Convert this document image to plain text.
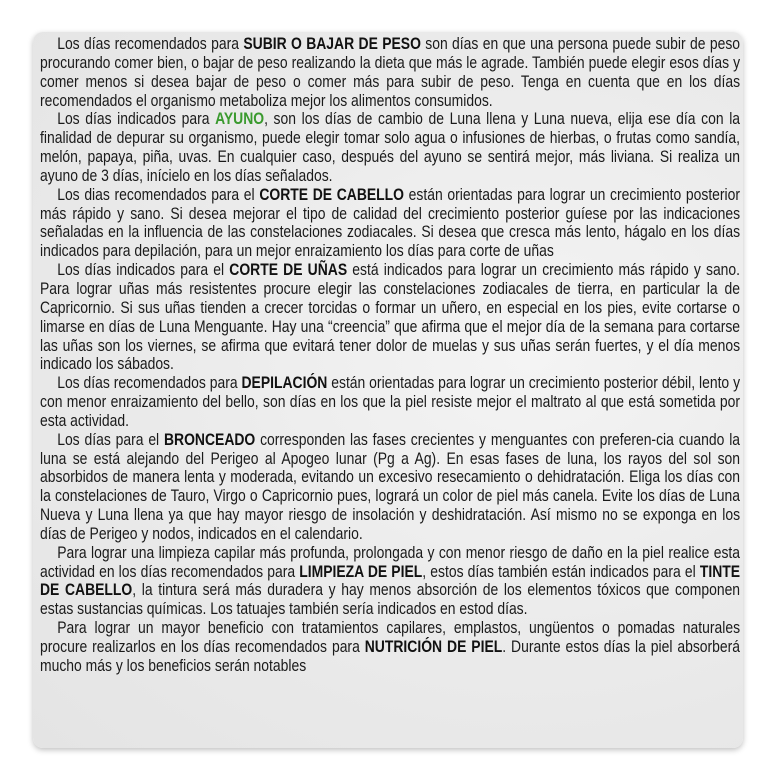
Los días recomendados para SUBIR O BAJAR DE PESO son días en que una persona puede subir de peso procurando comer bien, o bajar de peso realizando la dieta que más le agrade. También puede elegir esos días y comer menos si desea bajar de peso o comer más para subir de peso. Tenga en cuenta que en los días recomendados el organismo metaboliza mejor los alimentos consumidos.

Los días indicados para AYUNO, son los días de cambio de Luna llena y Luna nueva, elija ese día con la finalidad de depurar su organismo, puede elegir tomar solo agua o infusiones de hierbas, o frutas como sandía, melón, papaya, piña, uvas. En cualquier caso, después del ayuno se sentirá mejor, más liviana. Si realiza un ayuno de 3 días, inícielo en los días señalados.

Los dias recomendados para el CORTE DE CABELLO están orientadas para lograr un crecimiento posterior más rápido y sano. Si desea mejorar el tipo de calidad del crecimiento posterior guíese por las indicaciones señaladas en la influencia de las constelaciones zodiacales. Si desea que cresca más lento, hágalo en los días indicados para depilación, para un mejor enraizamiento los días para corte de uñas

Los días indicados para el CORTE DE UÑAS está indicados para lograr un crecimiento más rápido y sano. Para lograr uñas más resistentes procure elegir las constelaciones zodiacales de tierra, en particular la de Capricornio. Si sus uñas tienden a crecer torcidas o formar un uñero, en especial en los pies, evite cortarse o limarse en días de Luna Menguante. Hay una “creencia” que afirma que el mejor día de la semana para cortarse las uñas son los viernes, se afirma que evitará tener dolor de muelas y sus uñas serán fuertes, y el día menos indicado los sábados.

Los días recomendados para DEPILACIÓN están orientadas para lograr un crecimiento posterior débil, lento y con menor enraizamiento del bello, son días en los que la piel resiste mejor el maltrato al que está sometida por esta actividad.

Los días para el BRONCEADO corresponden las fases crecientes y menguantes con preferen-cia cuando la luna se está alejando del Perigeo al Apogeo lunar (Pg a Ag). En esas fases de luna, los rayos del sol son absorbidos de manera lenta y moderada, evitando un excesivo resecamiento o dehidratación. Eliga los días con la constelaciones de Tauro, Virgo o Capricornio pues, logrará un color de piel más canela. Evite los días de Luna Nueva y Luna llena ya que hay mayor riesgo de insolación y deshidratación. Así mismo no se exponga en los días de Perigeo y nodos, indicados en el calendario.

Para lograr una limpieza capilar más profunda, prolongada y con menor riesgo de daño en la piel realice esta actividad en los días recomendados para LIMPIEZA DE PIEL, estos días también están indicados para el TINTE DE CABELLO, la tintura será más duradera y hay menos absorción de los elementos tóxicos que componen estas sustancias químicas. Los tatuajes también sería indicados en estod días.

Para lograr un mayor beneficio con tratamientos capilares, emplastos, ungüentos o pomadas naturales procure realizarlos en los días recomendados para NUTRICIÓN DE PIEL. Durante estos días la piel absorberá mucho más y los beneficios serán notables
